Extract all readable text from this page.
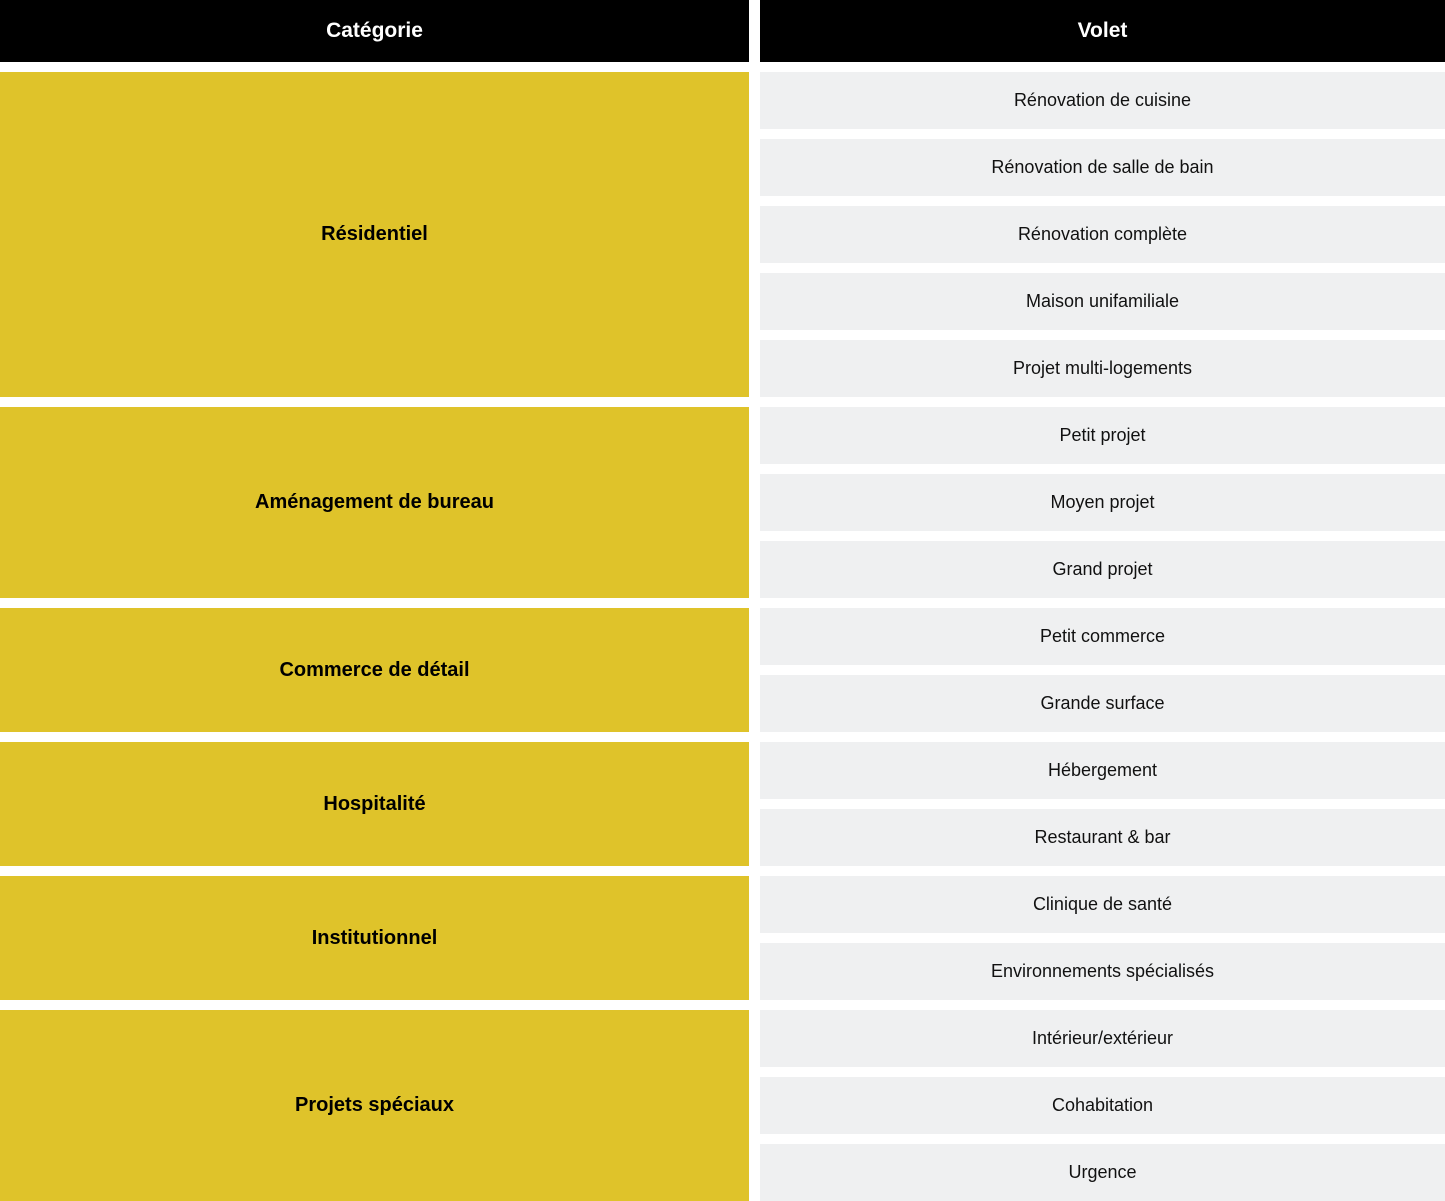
Catégorie	Volet
Résidentiel
Rénovation de cuisine
Rénovation de salle de bain
Rénovation complète
Maison unifamiliale
Projet multi-logements
Aménagement de bureau
Petit projet
Moyen projet
Grand projet
Commerce de détail
Petit commerce
Grande surface
Hospitalité
Hébergement
Restaurant & bar
Institutionnel
Clinique de santé
Environnements spécialisés
Projets spéciaux
Intérieur/extérieur
Cohabitation
Urgence
